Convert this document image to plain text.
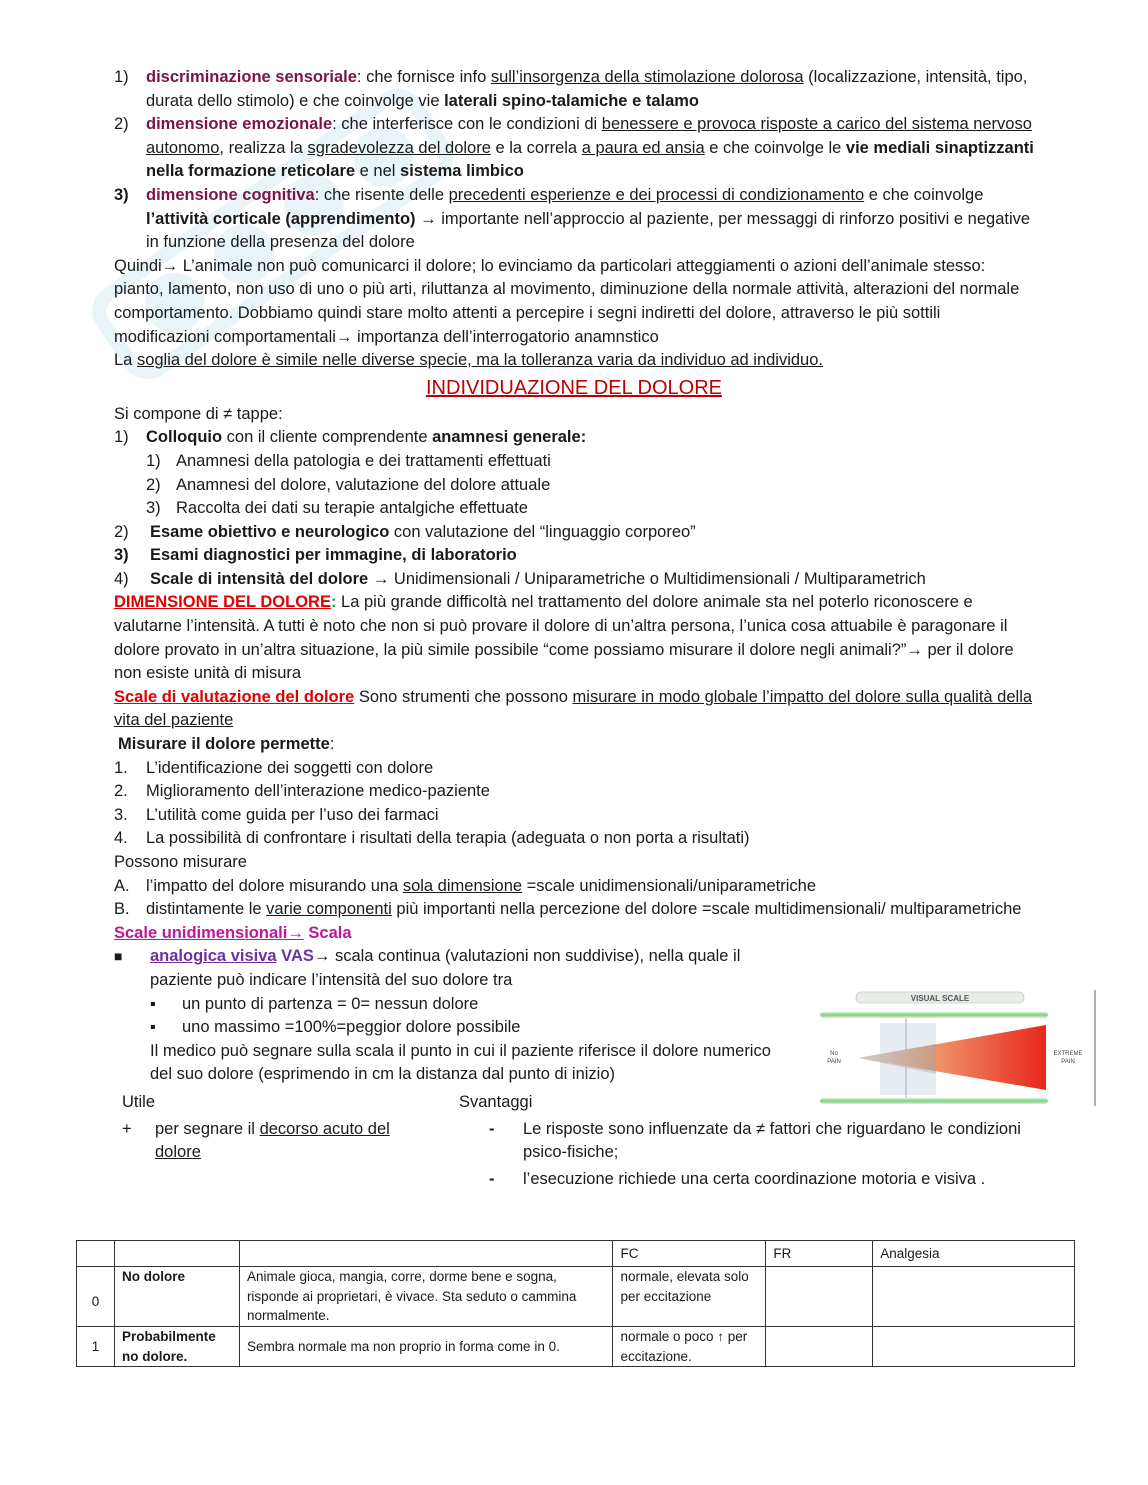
1) discriminazione sensoriale: che fornisce info sull’insorgenza della stimolazione dolorosa (localizzazione, intensità, tipo, durata dello stimolo) e che coinvolge vie laterali spino-talamiche e talamo
2) dimensione emozionale: che interferisce con le condizioni di benessere e provoca risposte a carico del sistema nervoso autonomo, realizza la sgradevolezza del dolore e la correla a paura ed ansia e che coinvolge le vie mediali sinaptizzanti nella formazione reticolare e nel sistema limbico
3) dimensione cognitiva: che risente delle precedenti esperienze e dei processi di condizionamento e che coinvolge l’attività corticale (apprendimento) → importante nell’approccio al paziente, per messaggi di rinforzo positivi e negative in funzione della presenza del dolore
Quindi→ L’animale non può comunicarci il dolore; lo evinciamo da particolari atteggiamenti o azioni dell’animale stesso: pianto, lamento, non uso di uno o più arti, riluttanza al movimento, diminuzione della normale attività, alterazioni del normale comportamento. Dobbiamo quindi stare molto attenti a percepire i segni indiretti del dolore, attraverso le più sottili modificazioni comportamentali→ importanza dell’interrogatorio anamnstico
La soglia del dolore è simile nelle diverse specie, ma la tolleranza varia da individuo ad individuo.
INDIVIDUAZIONE DEL DOLORE
Si compone di ≠ tappe:
1) Colloquio con il cliente comprendente anamnesi generale:
1) Anamnesi della patologia e dei trattamenti effettuati
2) Anamnesi del dolore, valutazione del dolore attuale
3) Raccolta dei dati su terapie antalgiche effettuate
2) Esame obiettivo e neurologico con valutazione del “linguaggio corporeo”
3) Esami diagnostici per immagine, di laboratorio
4) Scale di intensità del dolore → Unidimensionali / Uniparametriche o Multidimensionali / Multiparametrich
DIMENSIONE DEL DOLORE: La più grande difficoltà nel trattamento del dolore animale sta nel poterlo riconoscere e valutarne l’intensità. A tutti è noto che non si può provare il dolore di un’altra persona, l’unica cosa attuabile è paragonare il dolore provato in un’altra situazione, la più simile possibile “come possiamo misurare il dolore negli animali?”→ per il dolore non esiste unità di misura
Scale di valutazione del dolore Sono strumenti che possono misurare in modo globale l’impatto del dolore sulla qualità della vita del paziente
Misurare il dolore permette:
1. L’identificazione dei soggetti con dolore
2. Miglioramento dell’interazione medico-paziente
3. L’utilità come guida per l’uso dei farmaci
4. La possibilità di confrontare i risultati della terapia (adeguata o non porta a risultati)
Possono misurare
A. l’impatto del dolore misurando una sola dimensione =scale unidimensionali/uniparametriche
B. distintamente le varie componenti più importanti nella percezione del dolore =scale multidimensionali/ multiparametriche
Scale unidimensionali→ Scala
■ analogica visiva VAS→ scala continua (valutazioni non suddivise), nella quale il paziente può indicare l’intensità del suo dolore tra
▪ un punto di partenza = 0= nessun dolore
▪ uno massimo =100%=peggior dolore possibile
Il medico può segnare sulla scala il punto in cui il paziente riferisce il dolore numerico del suo dolore (esprimendo in cm la distanza dal punto di inizio)
Utile
+ per segnare il decorso acuto del dolore
Svantaggi
- Le risposte sono influenzate da ≠ fattori che riguardano le condizioni psico-fisiche;
- l’esecuzione richiede una certa coordinazione motoria e visiva .
VISUAL SCALE
No
PAIN
EXTREME
PAIN
			FC	FR	Analgesia
0	No dolore	Animale gioca, mangia, corre, dorme bene e sogna, risponde ai proprietari, è vivace. Sta seduto o cammina normalmente.	normale, elevata solo per eccitazione		
1	Probabilmente no dolore.	Sembra normale ma non proprio in forma come in 0.	normale o poco ↑ per eccitazione.		
